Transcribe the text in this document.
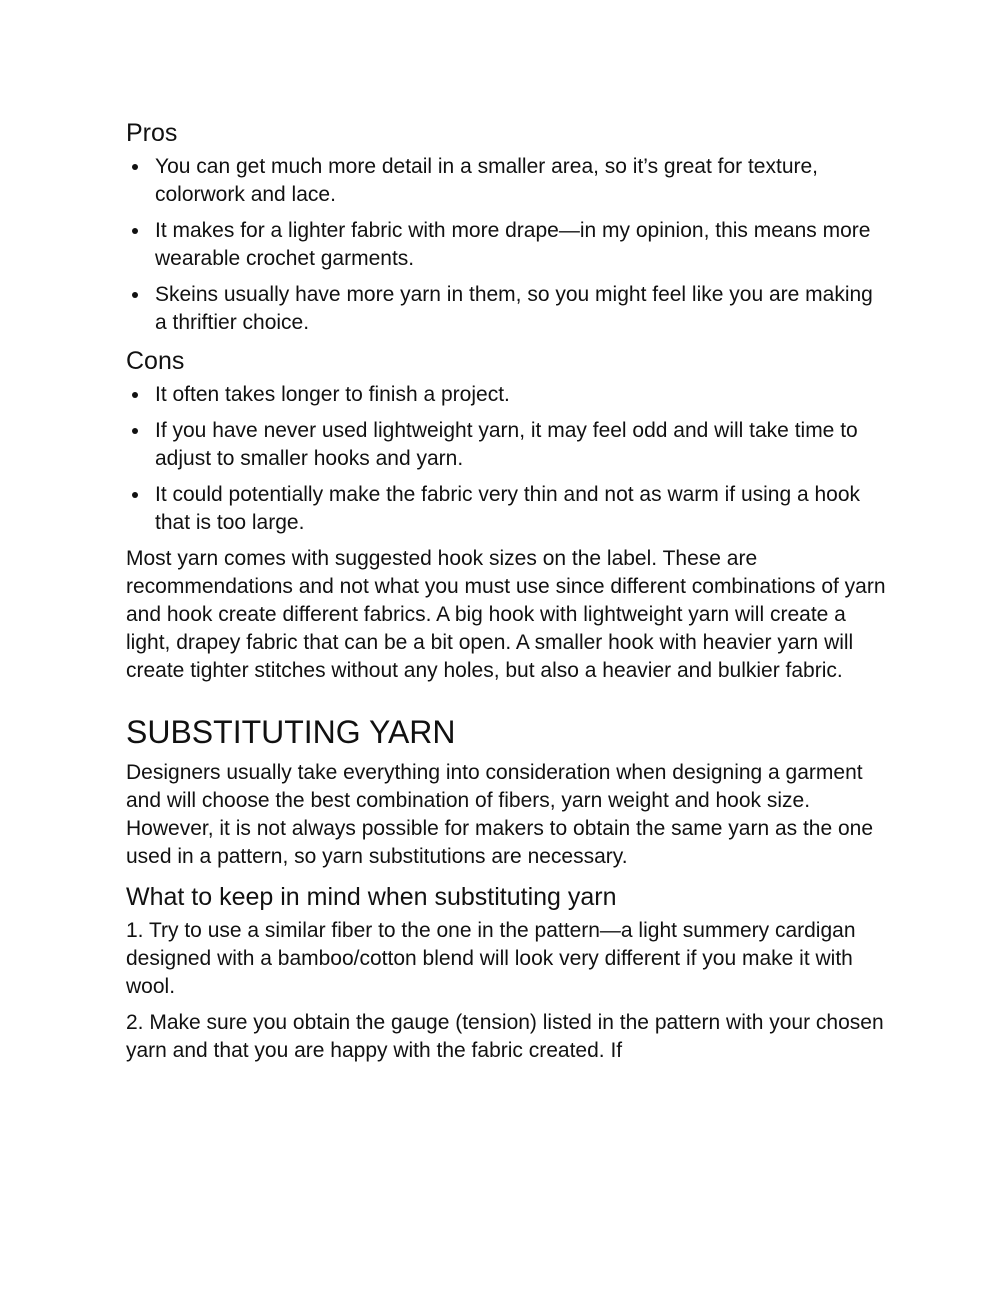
Pros
You can get much more detail in a smaller area, so it’s great for texture, colorwork and lace.
It makes for a lighter fabric with more drape—in my opinion, this means more wearable crochet garments.
Skeins usually have more yarn in them, so you might feel like you are making a thriftier choice.
Cons
It often takes longer to finish a project.
If you have never used lightweight yarn, it may feel odd and will take time to adjust to smaller hooks and yarn.
It could potentially make the fabric very thin and not as warm if using a hook that is too large.

Most yarn comes with suggested hook sizes on the label. These are recommendations and not what you must use since different combinations of yarn and hook create different fabrics. A big hook with lightweight yarn will create a light, drapey fabric that can be a bit open. A smaller hook with heavier yarn will create tighter stitches without any holes, but also a heavier and bulkier fabric.

SUBSTITUTING YARN

Designers usually take everything into consideration when designing a garment and will choose the best combination of fibers, yarn weight and hook size. However, it is not always possible for makers to obtain the same yarn as the one used in a pattern, so yarn substitutions are necessary.

What to keep in mind when substituting yarn

1. Try to use a similar fiber to the one in the pattern—a light summery cardigan designed with a bamboo/cotton blend will look very different if you make it with wool.

2. Make sure you obtain the gauge (tension) listed in the pattern with your chosen yarn and that you are happy with the fabric created. If
